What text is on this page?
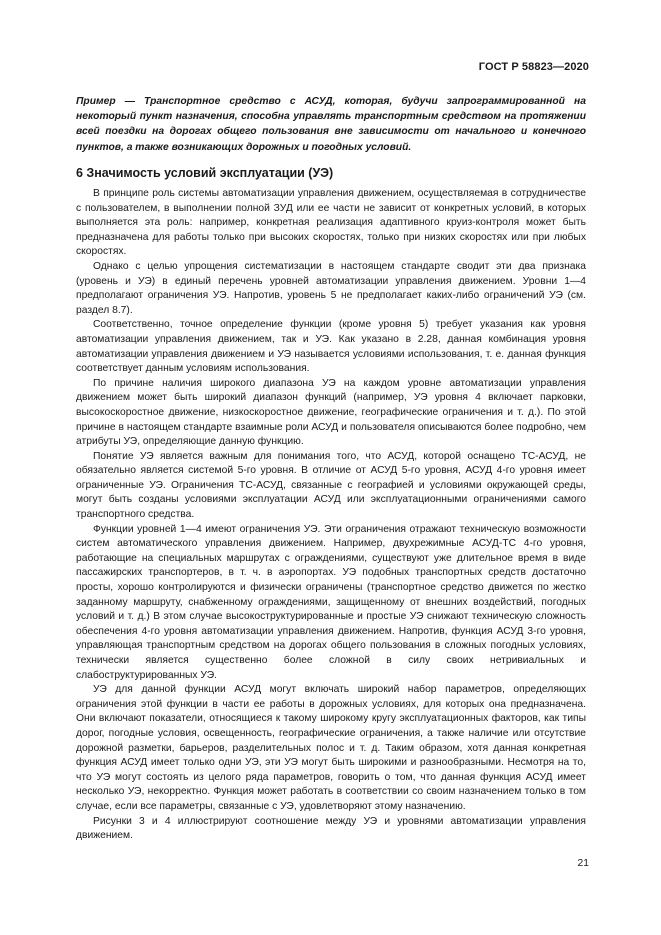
ГОСТ Р 58823—2020

Пример — Транспортное средство с АСУД, которая, будучи запрограммированной на некоторый пункт назначения, способна управлять транспортным средством на протяжении всей поездки на дорогах общего пользования вне зависимости от начального и конечного пунктов, а также возникающих дорожных и погодных условий.

6 Значимость условий эксплуатации (УЭ)

В принципе роль системы автоматизации управления движением, осуществляемая в сотрудничестве с пользователем, в выполнении полной ЗУД или ее части не зависит от конкретных условий, в которых выполняется эта роль: например, конкретная реализация адаптивного круиз-контроля может быть предназначена для работы только при высоких скоростях, только при низких скоростях или при любых скоростях.

Однако с целью упрощения систематизации в настоящем стандарте сводит эти два признака (уровень и УЭ) в единый перечень уровней автоматизации управления движением. Уровни 1—4 предполагают ограничения УЭ. Напротив, уровень 5 не предполагает каких-либо ограничений УЭ (см. раздел 8.7).

Соответственно, точное определение функции (кроме уровня 5) требует указания как уровня автоматизации управления движением, так и УЭ. Как указано в 2.28, данная комбинация уровня автоматизации управления движением и УЭ называется условиями использования, т. е. данная функция соответствует данным условиям использования.

По причине наличия широкого диапазона УЭ на каждом уровне автоматизации управления движением может быть широкий диапазон функций (например, УЭ уровня 4 включает парковки, высокоскоростное движение, низкоскоростное движение, географические ограничения и т. д.). По этой причине в настоящем стандарте взаимные роли АСУД и пользователя описываются более подробно, чем атрибуты УЭ, определяющие данную функцию.

Понятие УЭ является важным для понимания того, что АСУД, которой оснащено ТС-АСУД, не обязательно является системой 5-го уровня. В отличие от АСУД 5-го уровня, АСУД 4-го уровня имеет ограниченные УЭ. Ограничения ТС-АСУД, связанные с географией и условиями окружающей среды, могут быть созданы условиями эксплуатации АСУД или эксплуатационными ограничениями самого транспортного средства.

Функции уровней 1—4 имеют ограничения УЭ. Эти ограничения отражают техническую возможности систем автоматического управления движением. Например, двухрежимные АСУД-ТС 4-го уровня, работающие на специальных маршрутах с ограждениями, существуют уже длительное время в виде пассажирских транспортеров, в т. ч. в аэропортах. УЭ подобных транспортных средств достаточно просты, хорошо контролируются и физически ограничены (транспортное средство движется по жестко заданному маршруту, снабженному ограждениями, защищенному от внешних воздействий, погодных условий и т. д.) В этом случае высокоструктурированные и простые УЭ снижают техническую сложность обеспечения 4-го уровня автоматизации управления движением. Напротив, функция АСУД 3-го уровня, управляющая транспортным средством на дорогах общего пользования в сложных погодных условиях, технически является существенно более сложной в силу своих нетривиальных и слабоструктурированных УЭ.

УЭ для данной функции АСУД могут включать широкий набор параметров, определяющих ограничения этой функции в части ее работы в дорожных условиях, для которых она предназначена. Они включают показатели, относящиеся к такому широкому кругу эксплуатационных факторов, как типы дорог, погодные условия, освещенность, географические ограничения, а также наличие или отсутствие дорожной разметки, барьеров, разделительных полос и т. д. Таким образом, хотя данная конкретная функция АСУД имеет только одни УЭ, эти УЭ могут быть широкими и разнообразными. Несмотря на то, что УЭ могут состоять из целого ряда параметров, говорить о том, что данная функция АСУД имеет несколько УЭ, некорректно. Функция может работать в соответствии со своим назначением только в том случае, если все параметры, связанные с УЭ, удовлетворяют этому назначению.

Рисунки 3 и 4 иллюстрируют соотношение между УЭ и уровнями автоматизации управления движением.

21
